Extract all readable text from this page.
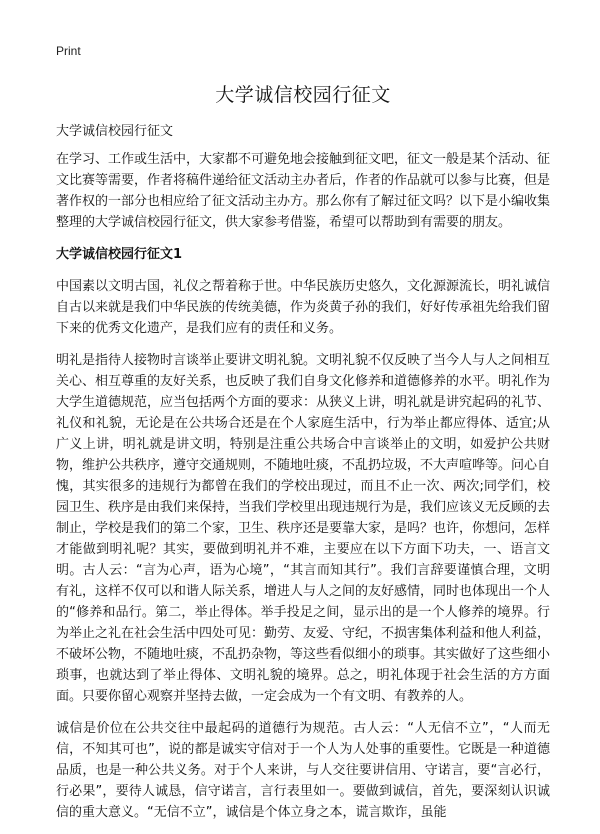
Print
大学诚信校园行征文
大学诚信校园行征文

在学习、工作或生活中，大家都不可避免地会接触到征文吧，征文一般是某个活动、征文比赛等需要，作者将稿件递给征文活动主办者后，作者的作品就可以参与比赛，但是著作权的一部分也相应给了征文活动主办方。那么你有了解过征文吗？以下是小编收集整理的大学诚信校园行征文，供大家参考借鉴，希望可以帮助到有需要的朋友。

大学诚信校园行征文1

中国素以文明古国，礼仪之帮着称于世。中华民族历史悠久，文化源源流长，明礼诚信自古以来就是我们中华民族的传统美德，作为炎黄子孙的我们，好好传承祖先给我们留下来的优秀文化遗产，是我们应有的责任和义务。

明礼是指待人接物时言谈举止要讲文明礼貌。文明礼貌不仅反映了当今人与人之间相互关心、相互尊重的友好关系，也反映了我们自身文化修养和道德修养的水平。明礼作为大学生道德规范，应当包括两个方面的要求：从狭义上讲，明礼就是讲究起码的礼节、礼仪和礼貌，无论是在公共场合还是在个人家庭生活中，行为举止都应得体、适宜;从广义上讲，明礼就是讲文明，特别是注重公共场合中言谈举止的文明，如爱护公共财物，维护公共秩序，遵守交通规则，不随地吐痰，不乱扔垃圾，不大声喧哗等。问心自愧，其实很多的违规行为都曾在我们的学校出现过，而且不止一次、两次;同学们，校园卫生、秩序是由我们来保持，当我们学校里出现违规行为是，我们应该义无反顾的去制止，学校是我们的第二个家，卫生、秩序还是要靠大家，是吗？也许，你想问，怎样才能做到明礼呢？其实，要做到明礼并不难，主要应在以下方面下功夫，一、语言文明。古人云：“言为心声，语为心境”，“其言而知其行”。我们言辞要谨慎合理，文明有礼，这样不仅可以和谐人际关系，增进人与人之间的友好感情，同时也体现出一个人的“修养和品行。第二，举止得体。举手投足之间，显示出的是一个人修养的境界。行为举止之礼在社会生活中四处可见：勤劳、友爱、守纪，不损害集体利益和他人利益，不破坏公物，不随地吐痰，不乱扔杂物，等这些看似细小的琐事。其实做好了这些细小琐事，也就达到了举止得体、文明礼貌的境界。总之，明礼体现于社会生活的方方面面。只要你留心观察并坚持去做，一定会成为一个有文明、有教养的人。

诚信是价位在公共交往中最起码的道德行为规范。古人云：“人无信不立”，“人而无信，不知其可也”，说的都是诚实守信对于一个人为人处事的重要性。它既是一种道德品质，也是一种公共义务。对于个人来讲，与人交往要讲信用、守诺言，要“言必行，行必果”，要待人诚恳，信守诺言，言行表里如一。要做到诚信，首先，要深刻认识诚信的重大意义。“无信不立”，诚信是个体立身之本，谎言欺诈，虽能
